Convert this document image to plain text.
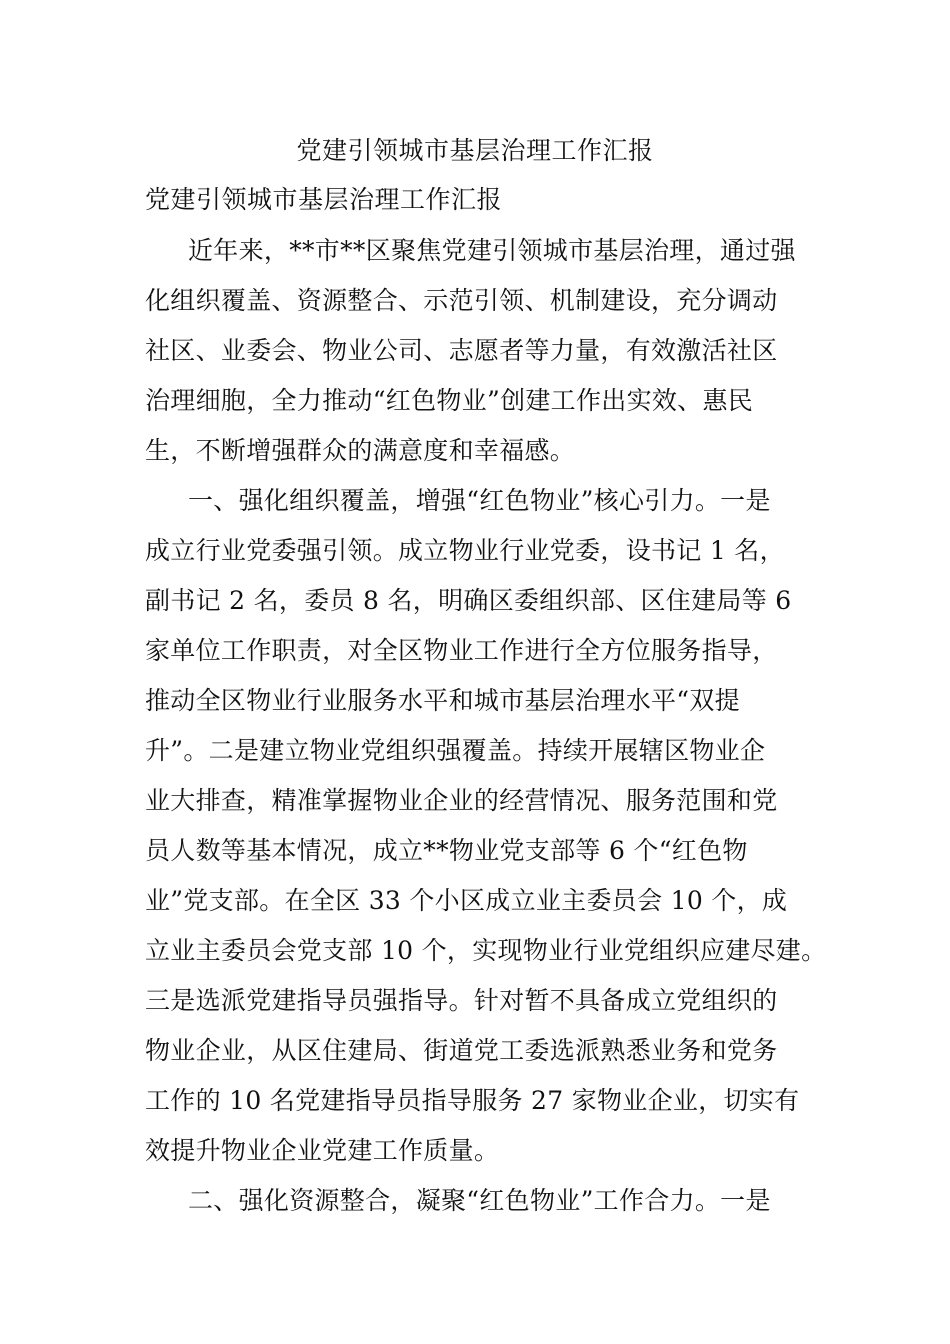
党建引领城市基层治理工作汇报
党建引领城市基层治理工作汇报
近年来，**市**区聚焦党建引领城市基层治理，通过强
化组织覆盖、资源整合、示范引领、机制建设，充分调动
社区、业委会、物业公司、志愿者等力量，有效激活社区
治理细胞，全力推动“红色物业”创建工作出实效、惠民
生，不断增强群众的满意度和幸福感。
一、强化组织覆盖，增强“红色物业”核心引力。一是
成立行业党委强引领。成立物业行业党委，设书记 1 名，
副书记 2 名，委员 8 名，明确区委组织部、区住建局等 6
家单位工作职责，对全区物业工作进行全方位服务指导，
推动全区物业行业服务水平和城市基层治理水平“双提
升”。二是建立物业党组织强覆盖。持续开展辖区物业企
业大排查，精准掌握物业企业的经营情况、服务范围和党
员人数等基本情况，成立**物业党支部等 6 个“红色物
业”党支部。在全区 33 个小区成立业主委员会 10 个，成
立业主委员会党支部 10 个，实现物业行业党组织应建尽建。
三是选派党建指导员强指导。针对暂不具备成立党组织的
物业企业，从区住建局、街道党工委选派熟悉业务和党务
工作的 10 名党建指导员指导服务 27 家物业企业，切实有
效提升物业企业党建工作质量。
二、强化资源整合，凝聚“红色物业”工作合力。一是
